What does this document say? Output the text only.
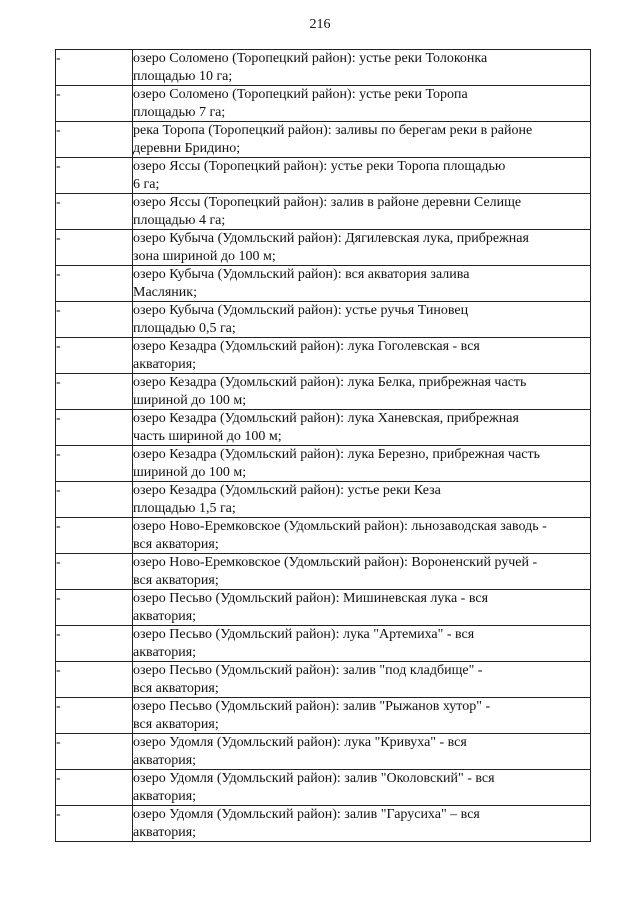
216
-	озеро Соломено (Торопецкий район): устье реки Толоконка
площадью 10 га;

-	озеро Соломено (Торопецкий район): устье реки Торопа
площадью 7 га;

-	река Торопа (Торопецкий район): заливы по берегам реки в районе
деревни Бридино;

-	озеро Яссы (Торопецкий район): устье реки Торопа площадью
6 га;

-	озеро Яссы (Торопецкий район): залив в районе деревни Селище
площадью 4 га;

-	озеро Кубыча (Удомльский район): Дягилевская лука, прибрежная
зона шириной до 100 м;

-	озеро Кубыча (Удомльский район): вся акватория залива
Масляник;

-	озеро Кубыча (Удомльский район): устье ручья Тиновец
площадью 0,5 га;

-	озеро Кезадра (Удомльский район): лука Гоголевская - вся
акватория;

-	озеро Кезадра (Удомльский район): лука Белка, прибрежная часть
шириной до 100 м;

-	озеро Кезадра (Удомльский район): лука Ханевская, прибрежная
часть шириной до 100 м;

-	озеро Кезадра (Удомльский район): лука Березно, прибрежная часть
шириной до 100 м;

-	озеро Кезадра (Удомльский район): устье реки Кеза
площадью 1,5 га;

-	озеро Ново-Еремковское (Удомльский район): льнозаводская заводь -
вся акватория;

-	озеро Ново-Еремковское (Удомльский район): Вороненский ручей -
вся акватория;

-	озеро Песьво (Удомльский район): Мишиневская лука - вся
акватория;

-	озеро Песьво (Удомльский район): лука "Артемиха" - вся
акватория;

-	озеро Песьво (Удомльский район): залив "под кладбище" -
вся акватория;

-	озеро Песьво (Удомльский район): залив "Рыжанов хутор" -
вся акватория;

-	озеро Удомля (Удомльский район): лука "Кривуха" - вся
акватория;

-	озеро Удомля (Удомльский район): залив "Околовский" - вся
акватория;

-	озеро Удомля (Удомльский район): залив "Гарусиха" – вся
акватория;
